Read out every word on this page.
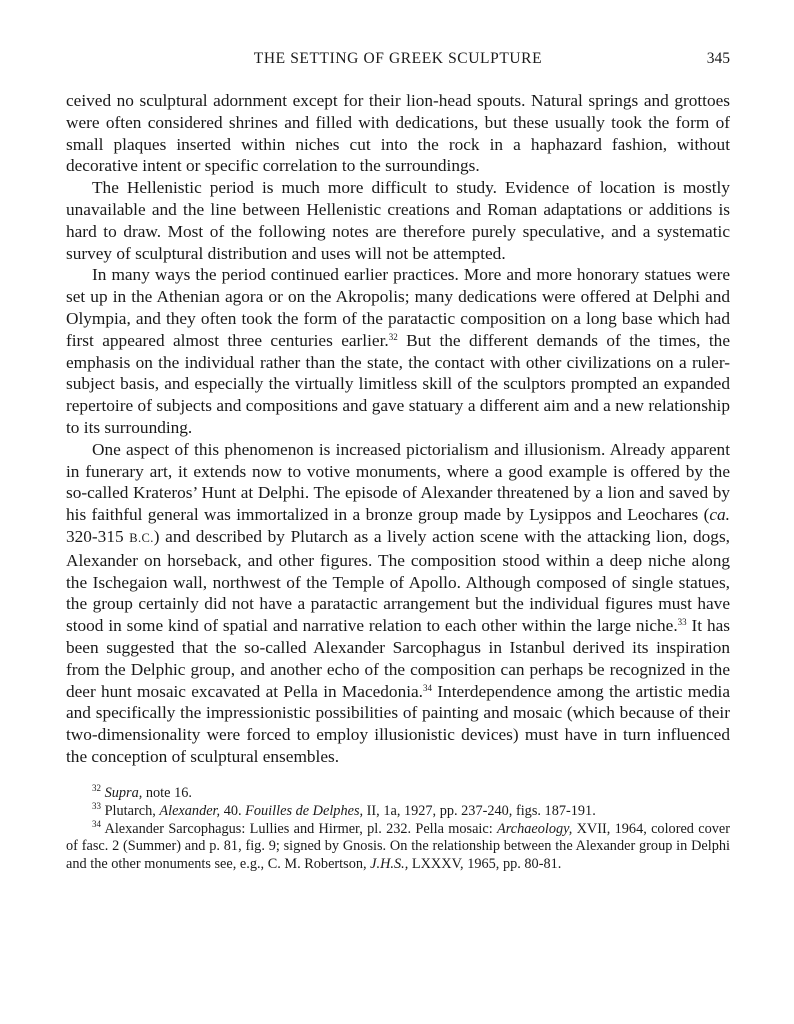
THE SETTING OF GREEK SCULPTURE	345

ceived no sculptural adornment except for their lion-head spouts. Natural springs and grottoes were often considered shrines and filled with dedications, but these usually took the form of small plaques inserted within niches cut into the rock in a haphazard fashion, without decorative intent or specific correlation to the surroundings.

The Hellenistic period is much more difficult to study. Evidence of location is mostly unavailable and the line between Hellenistic creations and Roman adaptations or additions is hard to draw. Most of the following notes are therefore purely speculative, and a systematic survey of sculptural distribution and uses will not be attempted.

In many ways the period continued earlier practices. More and more honorary statues were set up in the Athenian agora or on the Akropolis; many dedications were offered at Delphi and Olympia, and they often took the form of the paratactic composition on a long base which had first appeared almost three centuries earlier.$^{32}$ But the different demands of the times, the emphasis on the individual rather than the state, the contact with other civilizations on a ruler-subject basis, and especially the virtually limitless skill of the sculptors prompted an expanded repertoire of subjects and compositions and gave statuary a different aim and a new relationship to its surrounding.

One aspect of this phenomenon is increased pictorialism and illusionism. Already apparent in funerary art, it extends now to votive monuments, where a good example is offered by the so-called Krateros’ Hunt at Delphi. The episode of Alexander threatened by a lion and saved by his faithful general was immortalized in a bronze group made by Lysippos and Leochares (ca. 320-315 B.C.) and described by Plutarch as a lively action scene with the attacking lion, dogs, Alexander on horseback, and other figures. The composition stood within a deep niche along the Ischegaion wall, northwest of the Temple of Apollo. Although composed of single statues, the group certainly did not have a paratactic arrangement but the individual figures must have stood in some kind of spatial and narrative relation to each other within the large niche.$^{33}$ It has been suggested that the so-called Alexander Sarcophagus in Istanbul derived its inspiration from the Delphic group, and another echo of the composition can perhaps be recognized in the deer hunt mosaic excavated at Pella in Macedonia.$^{34}$ Interdependence among the artistic media and specifically the impressionistic possibilities of painting and mosaic (which because of their two-dimensionality were forced to employ illusionistic devices) must have in turn influenced the conception of sculptural ensembles.

$^{32}$ Supra, note 16.

$^{33}$ Plutarch, Alexander, 40. Fouilles de Delphes, II, 1a, 1927, pp. 237-240, figs. 187-191.

$^{34}$ Alexander Sarcophagus: Lullies and Hirmer, pl. 232. Pella mosaic: Archaeology, XVII, 1964, colored cover of fasc. 2 (Summer) and p. 81, fig. 9; signed by Gnosis. On the relationship between the Alexander group in Delphi and the other monuments see, e.g., C. M. Robertson, J.H.S., LXXXV, 1965, pp. 80-81.
